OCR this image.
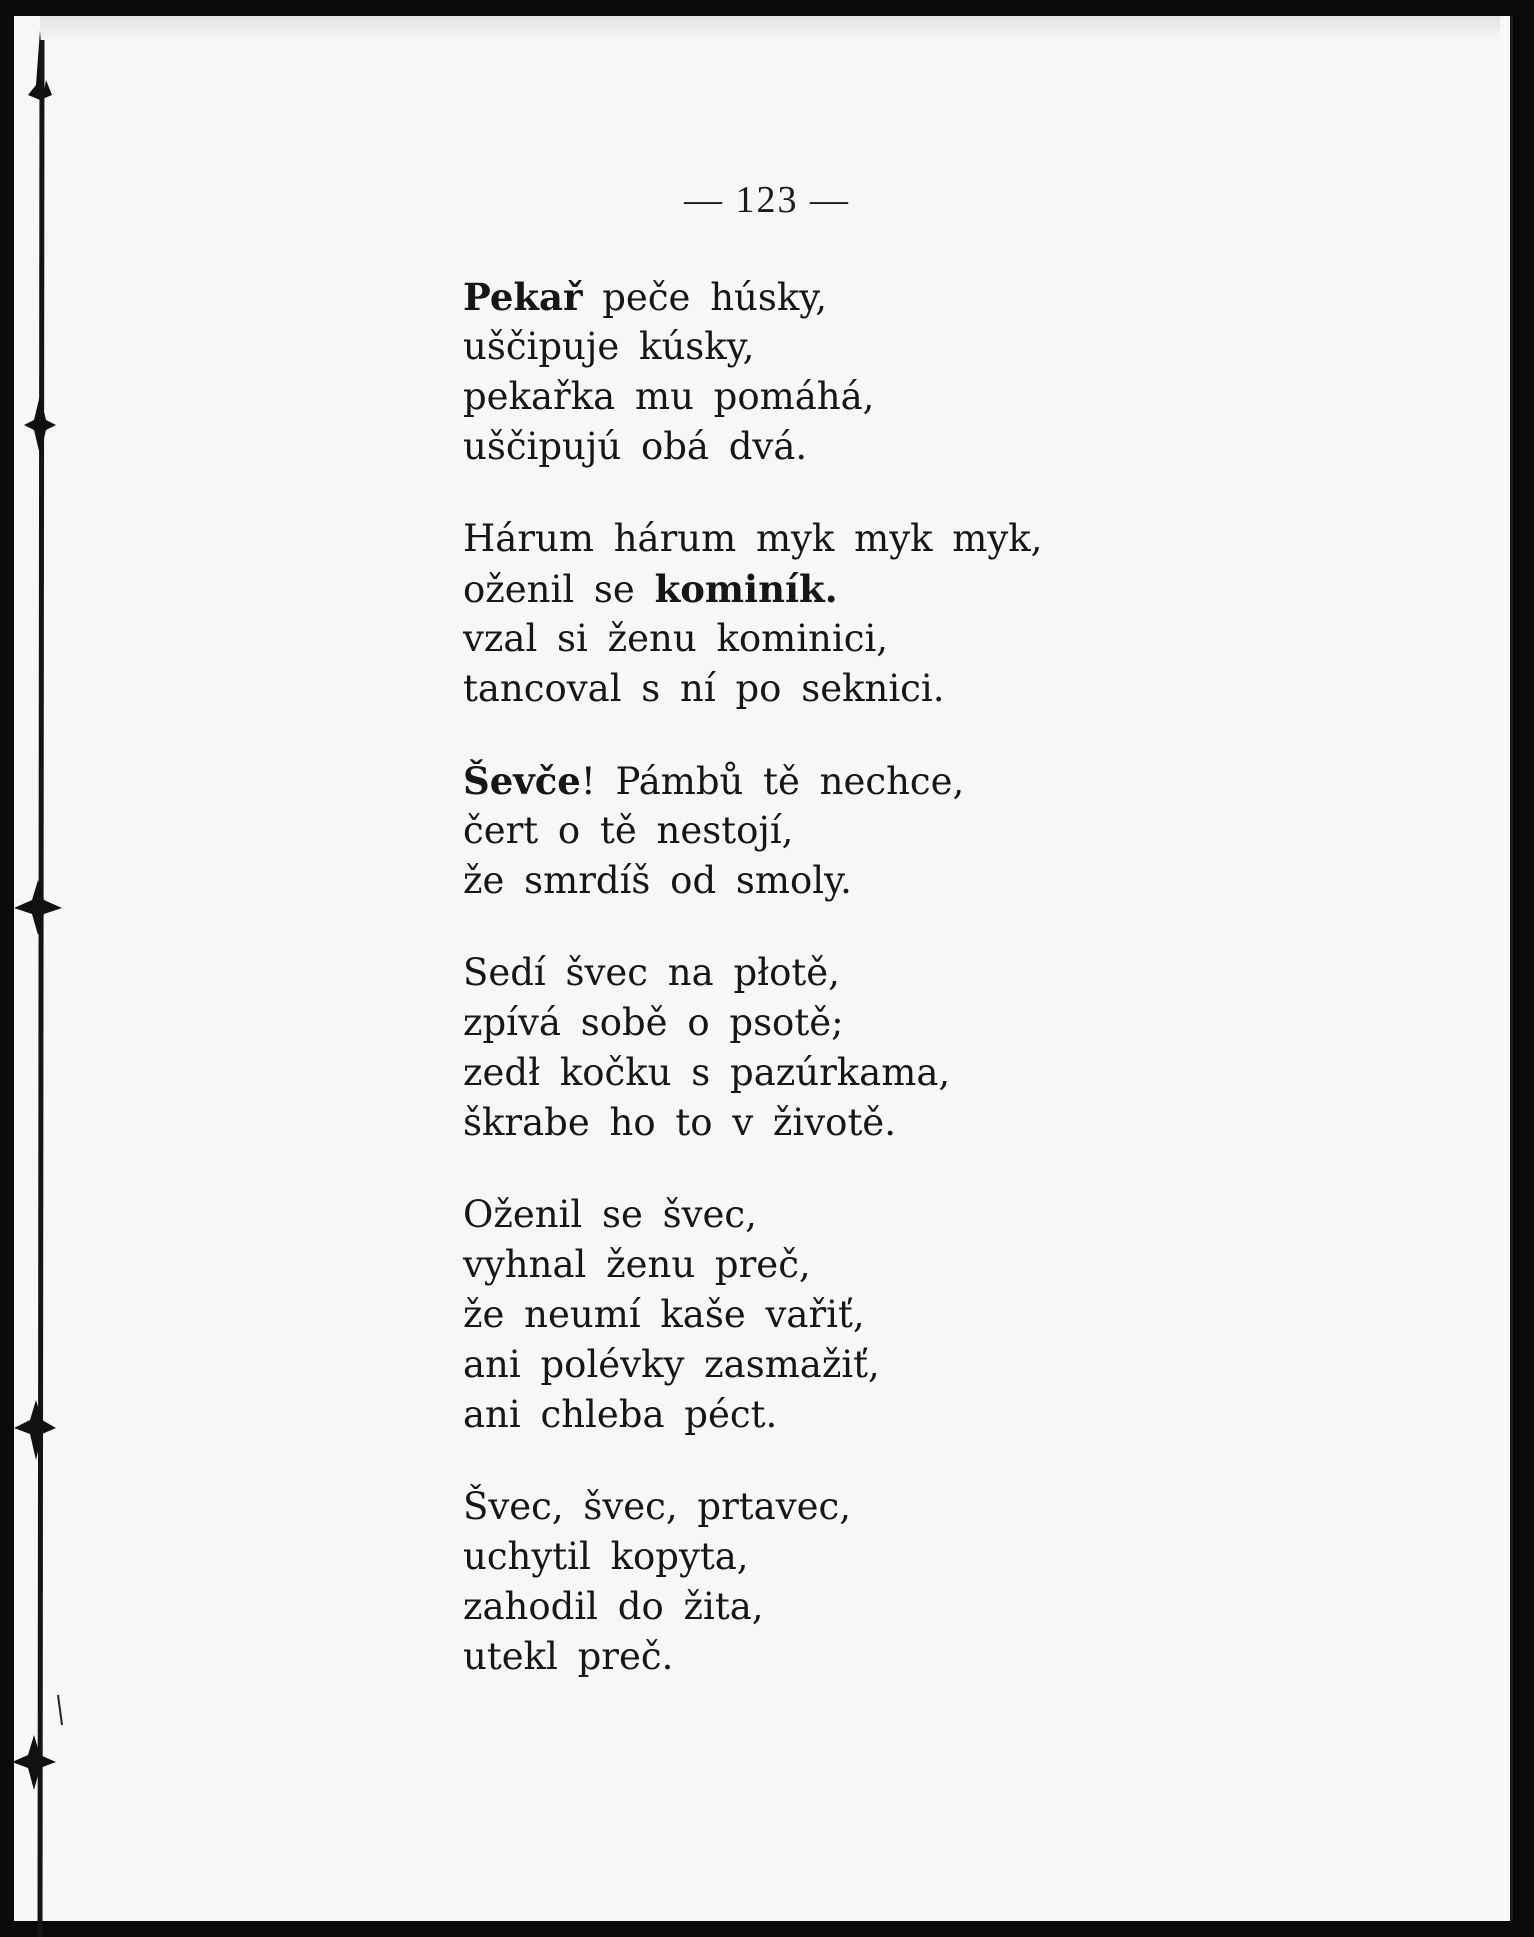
— 123 —
Pekař peče húsky,
uščipuje kúsky,
pekařka mu pomáhá,
uščipujú obá dvá.
Hárum hárum myk myk myk,
oženil se kominík.
vzal si ženu kominici,
tancoval s ní po seknici.
Ševče! Pámbů tě nechce,
čert o tě nestojí,
že smrdíš od smoly.
Sedí švec na płotě,
zpívá sobě o psotě;
zedł kočku s pazúrkama,
škrabe ho to v životě.
Oženil se švec,
vyhnal ženu preč,
že neumí kaše vařiť,
ani polévky zasmažiť,
ani chleba péct.
Švec, švec, prtavec,
uchytil kopyta,
zahodil do žita,
utekl preč.
